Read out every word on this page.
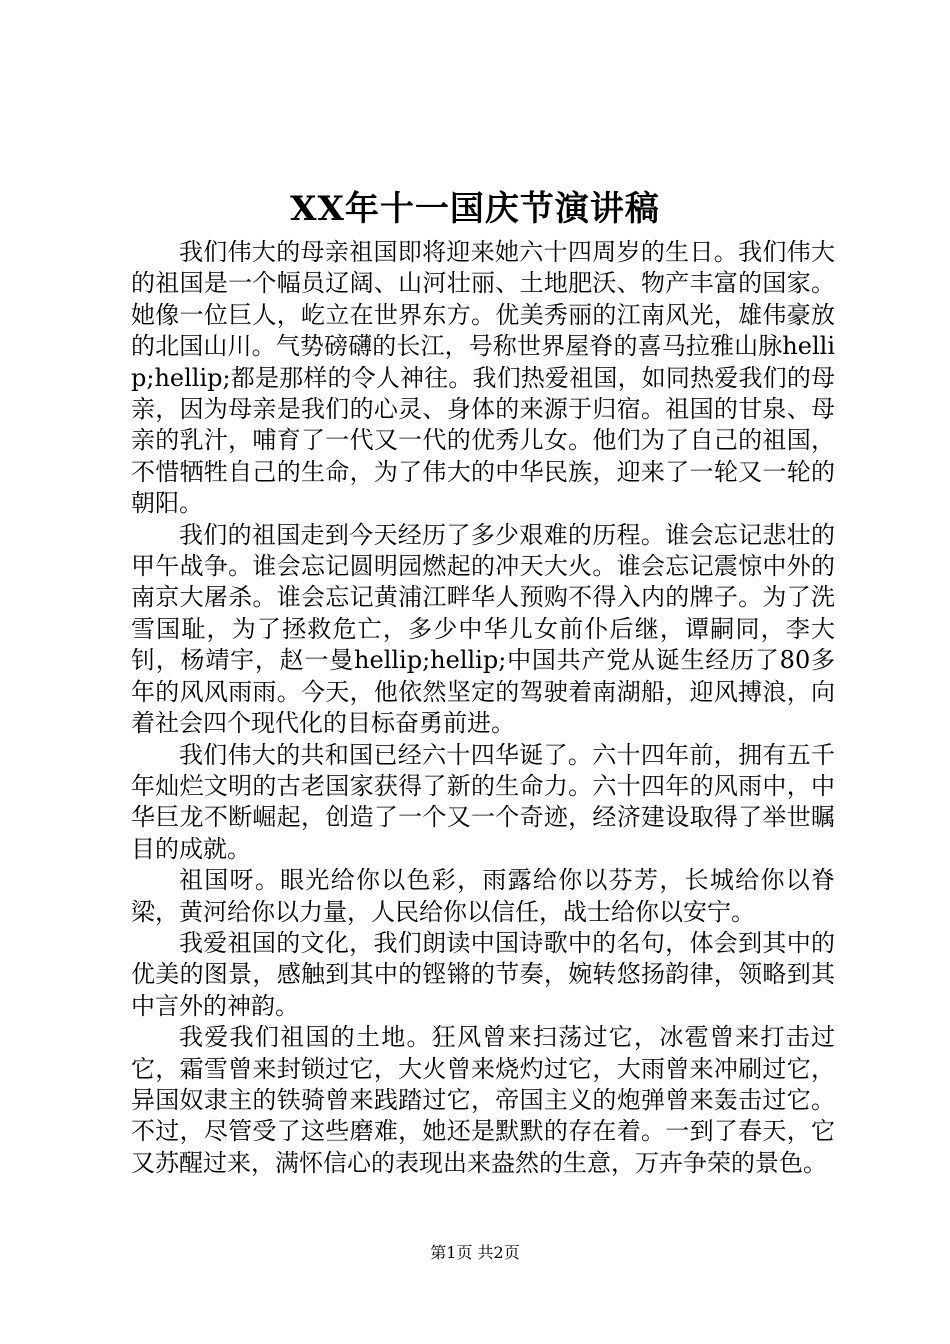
XX年十一国庆节演讲稿

我们伟大的母亲祖国即将迎来她六十四周岁的生日。我们伟大的祖国是一个幅员辽阔、山河壮丽、土地肥沃、物产丰富的国家。她像一位巨人，屹立在世界东方。优美秀丽的江南风光，雄伟豪放的北国山川。气势磅礴的长江，号称世界屋脊的喜马拉雅山脉hellip;hellip;都是那样的令人神往。我们热爱祖国，如同热爱我们的母亲，因为母亲是我们的心灵、身体的来源于归宿。祖国的甘泉、母亲的乳汁，哺育了一代又一代的优秀儿女。他们为了自己的祖国，不惜牺牲自己的生命，为了伟大的中华民族，迎来了一轮又一轮的朝阳。

我们的祖国走到今天经历了多少艰难的历程。谁会忘记悲壮的甲午战争。谁会忘记圆明园燃起的冲天大火。谁会忘记震惊中外的南京大屠杀。谁会忘记黄浦江畔华人预购不得入内的牌子。为了洗雪国耻，为了拯救危亡，多少中华儿女前仆后继，谭嗣同，李大钊，杨靖宇，赵一曼hellip;hellip;中国共产党从诞生经历了80多年的风风雨雨。今天，他依然坚定的驾驶着南湖船，迎风搏浪，向着社会四个现代化的目标奋勇前进。

我们伟大的共和国已经六十四华诞了。六十四年前，拥有五千年灿烂文明的古老国家获得了新的生命力。六十四年的风雨中，中华巨龙不断崛起，创造了一个又一个奇迹，经济建设取得了举世瞩目的成就。

祖国呀。眼光给你以色彩，雨露给你以芬芳，长城给你以脊梁，黄河给你以力量，人民给你以信任，战士给你以安宁。

我爱祖国的文化，我们朗读中国诗歌中的名句，体会到其中的优美的图景，感触到其中的铿锵的节奏，婉转悠扬韵律，领略到其中言外的神韵。

我爱我们祖国的土地。狂风曾来扫荡过它，冰雹曾来打击过它，霜雪曾来封锁过它，大火曾来烧灼过它，大雨曾来冲刷过它，异国奴隶主的铁骑曾来践踏过它，帝国主义的炮弹曾来轰击过它。不过，尽管受了这些磨难，她还是默默的存在着。一到了春天，它又苏醒过来，满怀信心的表现出来盎然的生意，万卉争荣的景色。

第1页 共2页
